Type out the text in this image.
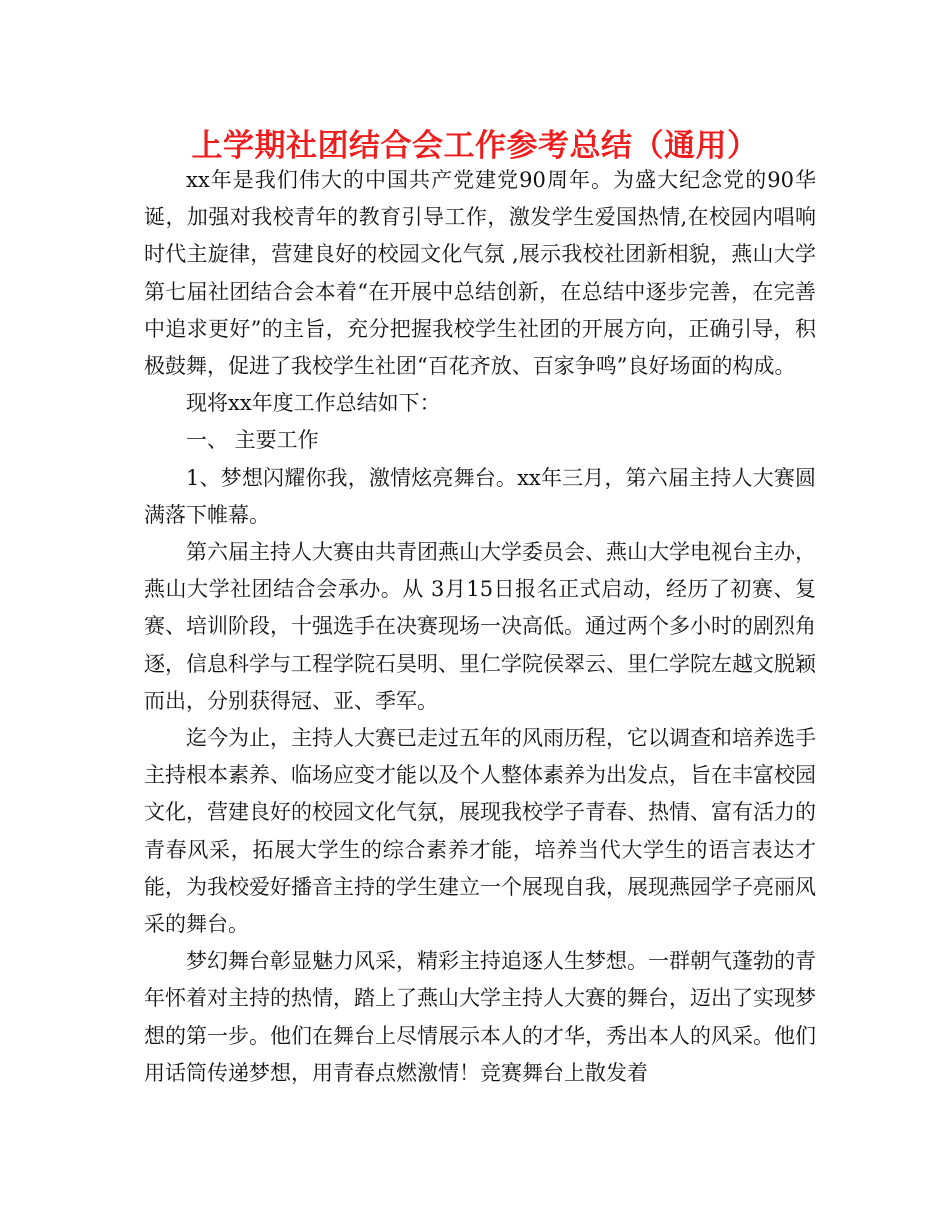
上学期社团结合会工作参考总结（通用）

xx年是我们伟大的中国共产党建党90周年。为盛大纪念党的90华诞，加强对我校青年的教育引导工作，激发学生爱国热情,在校园内唱响时代主旋律，营建良好的校园文化气氛 ,展示我校社团新相貌，燕山大学第七届社团结合会本着“在开展中总结创新，在总结中逐步完善，在完善中追求更好”的主旨，充分把握我校学生社团的开展方向，正确引导，积极鼓舞，促进了我校学生社团“百花齐放、百家争鸣”良好场面的构成。

现将xx年度工作总结如下：

一、 主要工作

1、梦想闪耀你我，激情炫亮舞台。xx年三月，第六届主持人大赛圆满落下帷幕。

第六届主持人大赛由共青团燕山大学委员会、燕山大学电视台主办，燕山大学社团结合会承办。从 3月15日报名正式启动，经历了初赛、复赛、培训阶段，十强选手在决赛现场一决高低。通过两个多小时的剧烈角逐，信息科学与工程学院石昊明、里仁学院侯翠云、里仁学院左越文脱颖而出，分别获得冠、亚、季军。

迄今为止，主持人大赛已走过五年的风雨历程，它以调查和培养选手主持根本素养、临场应变才能以及个人整体素养为出发点，旨在丰富校园文化，营建良好的校园文化气氛，展现我校学子青春、热情、富有活力的青春风采，拓展大学生的综合素养才能，培养当代大学生的语言表达才能，为我校爱好播音主持的学生建立一个展现自我，展现燕园学子亮丽风采的舞台。

梦幻舞台彰显魅力风采，精彩主持追逐人生梦想。一群朝气蓬勃的青年怀着对主持的热情，踏上了燕山大学主持人大赛的舞台，迈出了实现梦想的第一步。他们在舞台上尽情展示本人的才华，秀出本人的风采。他们用话筒传递梦想，用青春点燃激情！竞赛舞台上散发着
